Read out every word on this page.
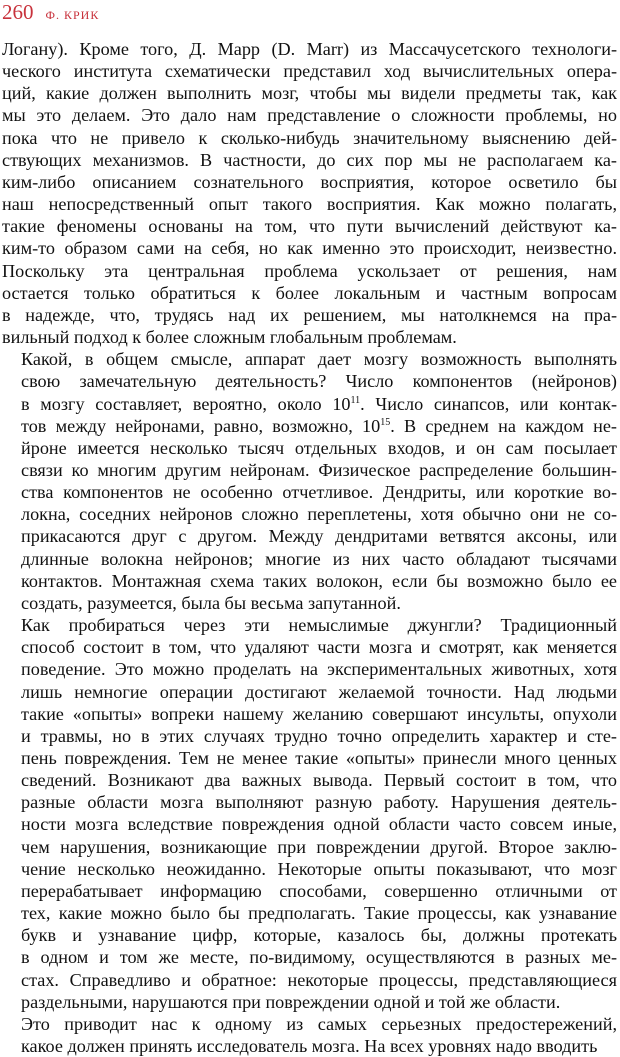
260 Ф. КРИК

Логану). Кроме того, Д. Марр (D. Marr) из Массачусетского технологи-
ческого института схематически представил ход вычислительных опера-
ций, какие должен выполнить мозг, чтобы мы видели предметы так, как
мы это делаем. Это дало нам представление о сложности проблемы, но
пока что не привело к сколько-нибудь значительному выяснению дей-
ствующих механизмов. В частности, до сих пор мы не располагаем ка-
ким-либо описанием сознательного восприятия, которое осветило бы
наш непосредственный опыт такого восприятия. Как можно полагать,
такие феномены основаны на том, что пути вычислений действуют ка-
ким-то образом сами на себя, но как именно это происходит, неизвестно.
Поскольку эта центральная проблема ускользает от решения, нам
остается только обратиться к более локальным и частным вопросам
в надежде, что, трудясь над их решением, мы натолкнемся на пра-
вильный подход к более сложным глобальным проблемам.

Какой, в общем смысле, аппарат дает мозгу возможность выполнять
свою замечательную деятельность? Число компонентов (нейронов)
в мозгу составляет, вероятно, около $10^{11}$. Число синапсов, или контак-
тов между нейронами, равно, возможно, $10^{15}$. В среднем на каждом не-
йроне имеется несколько тысяч отдельных входов, и он сам посылает
связи ко многим другим нейронам. Физическое распределение большин-
ства компонентов не особенно отчетливое. Дендриты, или короткие во-
локна, соседних нейронов сложно переплетены, хотя обычно они не со-
прикасаются друг с другом. Между дендритами ветвятся аксоны, или
длинные волокна нейронов; многие из них часто обладают тысячами
контактов. Монтажная схема таких волокон, если бы возможно было ее
создать, разумеется, была бы весьма запутанной.

Как пробираться через эти немыслимые джунгли? Традиционный
способ состоит в том, что удаляют части мозга и смотрят, как меняется
поведение. Это можно проделать на экспериментальных животных, хотя
лишь немногие операции достигают желаемой точности. Над людьми
такие «опыты» вопреки нашему желанию совершают инсульты, опухоли
и травмы, но в этих случаях трудно точно определить характер и сте-
пень повреждения. Тем не менее такие «опыты» принесли много ценных
сведений. Возникают два важных вывода. Первый состоит в том, что
разные области мозга выполняют разную работу. Нарушения деятель-
ности мозга вследствие повреждения одной области часто совсем иные,
чем нарушения, возникающие при повреждении другой. Второе заклю-
чение несколько неожиданно. Некоторые опыты показывают, что мозг
перерабатывает информацию способами, совершенно отличными от
тех, какие можно было бы предполагать. Такие процессы, как узнавание
букв и узнавание цифр, которые, казалось бы, должны протекать
в одном и том же месте, по-видимому, осуществляются в разных ме-
стах. Справедливо и обратное: некоторые процессы, представляющиеся
раздельными, нарушаются при повреждении одной и той же области.

Это приводит нас к одному из самых серьезных предостережений,
какое должен принять исследователь мозга. На всех уровнях надо вводить
